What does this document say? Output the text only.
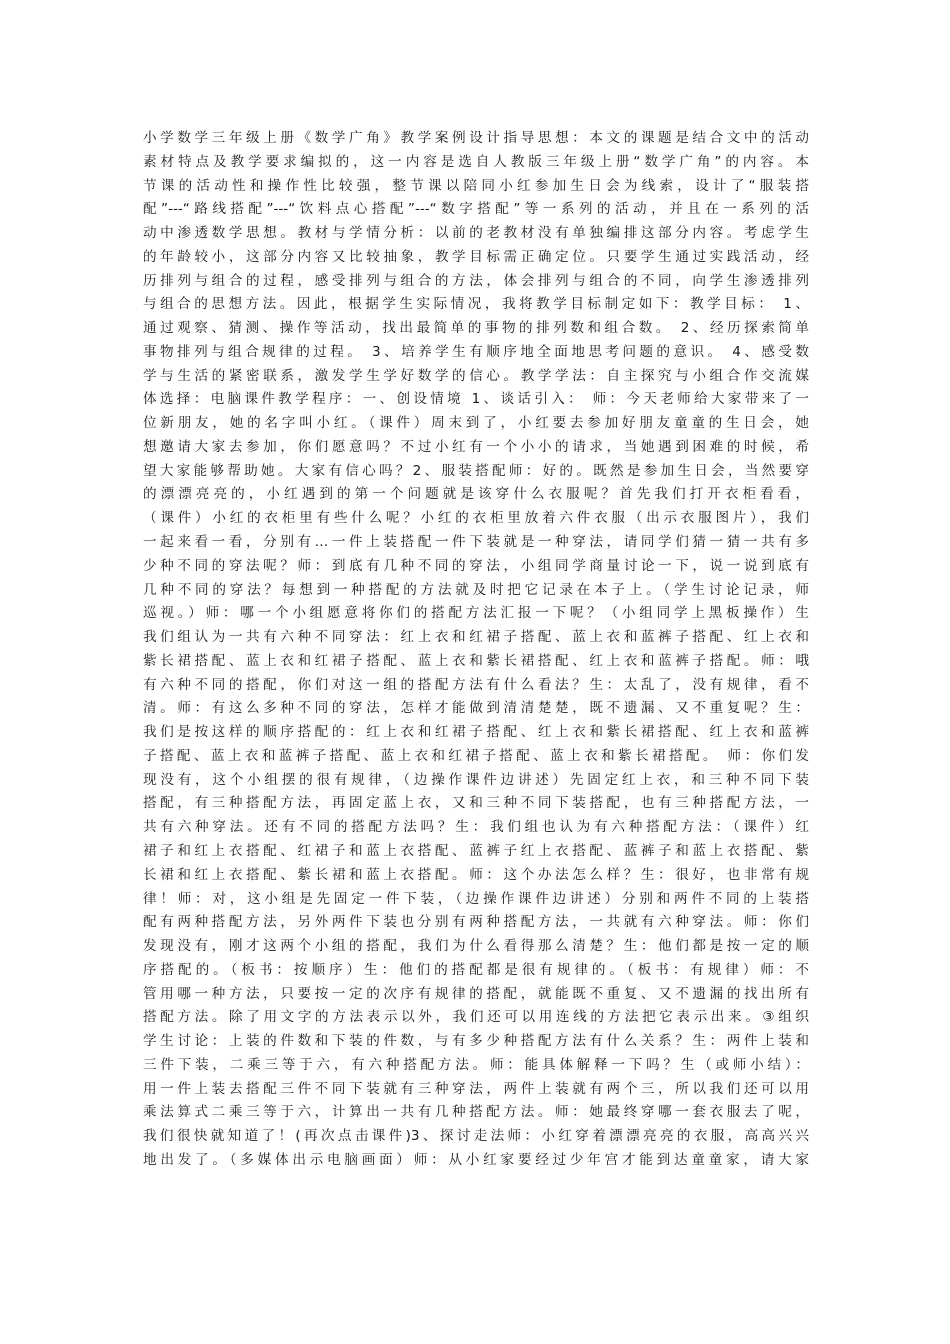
小学数学三年级上册《数学广角》教学案例设计指导思想：本文的课题是结合文中的活动
素材特点及教学要求编拟的，这一内容是选自人教版三年级上册“数学广角”的内容。本
节课的活动性和操作性比较强，整节课以陪同小红参加生日会为线索，设计了“服装搭
配”---“路线搭配”---“饮料点心搭配”---“数字搭配”等一系列的活动，并且在一系列的活
动中渗透数学思想。教材与学情分析：以前的老教材没有单独编排这部分内容。考虑学生
的年龄较小，这部分内容又比较抽象，教学目标需正确定位。只要学生通过实践活动，经
历排列与组合的过程，感受排列与组合的方法，体会排列与组合的不同，向学生渗透排列
与组合的思想方法。因此，根据学生实际情况，我将教学目标制定如下：教学目标： 1、
通过观察、猜测、操作等活动，找出最简单的事物的排列数和组合数。 2、经历探索简单
事物排列与组合规律的过程。 3、培养学生有顺序地全面地思考问题的意识。 4、感受数
学与生活的紧密联系，激发学生学好数学的信心。教学学法：自主探究与小组合作交流媒
体选择：电脑课件教学程序：一、创设情境 1、谈话引入： 师：今天老师给大家带来了一
位新朋友，她的名字叫小红。（课件）周末到了，小红要去参加好朋友童童的生日会，她
想邀请大家去参加，你们愿意吗？不过小红有一个小小的请求，当她遇到困难的时候，希
望大家能够帮助她。大家有信心吗？2、服装搭配师：好的。既然是参加生日会，当然要穿
的漂漂亮亮的，小红遇到的第一个问题就是该穿什么衣服呢？首先我们打开衣柜看看，
（课件）小红的衣柜里有些什么呢？小红的衣柜里放着六件衣服（出示衣服图片），我们
一起来看一看，分别有…一件上装搭配一件下装就是一种穿法，请同学们猜一猜一共有多
少种不同的穿法呢？师：到底有几种不同的穿法，小组同学商量讨论一下，说一说到底有
几种不同的穿法？每想到一种搭配的方法就及时把它记录在本子上。（学生讨论记录，师
巡视。）师：哪一个小组愿意将你们的搭配方法汇报一下呢？（小组同学上黑板操作）生
我们组认为一共有六种不同穿法：红上衣和红裙子搭配、蓝上衣和蓝裤子搭配、红上衣和
紫长裙搭配、蓝上衣和红裙子搭配、蓝上衣和紫长裙搭配、红上衣和蓝裤子搭配。师：哦
有六种不同的搭配，你们对这一组的搭配方法有什么看法？生：太乱了，没有规律，看不
清。师：有这么多种不同的穿法，怎样才能做到清清楚楚，既不遗漏、又不重复呢？生：
我们是按这样的顺序搭配的：红上衣和红裙子搭配、红上衣和紫长裙搭配、红上衣和蓝裤
子搭配、蓝上衣和蓝裤子搭配、蓝上衣和红裙子搭配、蓝上衣和紫长裙搭配。 师：你们发
现没有，这个小组摆的很有规律，（边操作课件边讲述）先固定红上衣，和三种不同下装
搭配，有三种搭配方法，再固定蓝上衣，又和三种不同下装搭配，也有三种搭配方法，一
共有六种穿法。还有不同的搭配方法吗？生：我们组也认为有六种搭配方法：（课件）红
裙子和红上衣搭配、红裙子和蓝上衣搭配、蓝裤子红上衣搭配、蓝裤子和蓝上衣搭配、紫
长裙和红上衣搭配、紫长裙和蓝上衣搭配。师：这个办法怎么样？生：很好，也非常有规
律！师：对，这小组是先固定一件下装，（边操作课件边讲述）分别和两件不同的上装搭
配有两种搭配方法，另外两件下装也分别有两种搭配方法，一共就有六种穿法。师：你们
发现没有，刚才这两个小组的搭配，我们为什么看得那么清楚？生：他们都是按一定的顺
序搭配的。（板书：按顺序）生：他们的搭配都是很有规律的。（板书：有规律）师：不
管用哪一种方法，只要按一定的次序有规律的搭配，就能既不重复、又不遗漏的找出所有
搭配方法。除了用文字的方法表示以外，我们还可以用连线的方法把它表示出来。③组织
学生讨论：上装的件数和下装的件数，与有多少种搭配方法有什么关系？生：两件上装和
三件下装，二乘三等于六，有六种搭配方法。师：能具体解释一下吗？生（或师小结）：
用一件上装去搭配三件不同下装就有三种穿法，两件上装就有两个三，所以我们还可以用
乘法算式二乘三等于六，计算出一共有几种搭配方法。师：她最终穿哪一套衣服去了呢，
我们很快就知道了！(再次点击课件)3、探讨走法师：小红穿着漂漂亮亮的衣服，高高兴兴
地出发了。（多媒体出示电脑画面）师：从小红家要经过少年宫才能到达童童家，请大家
